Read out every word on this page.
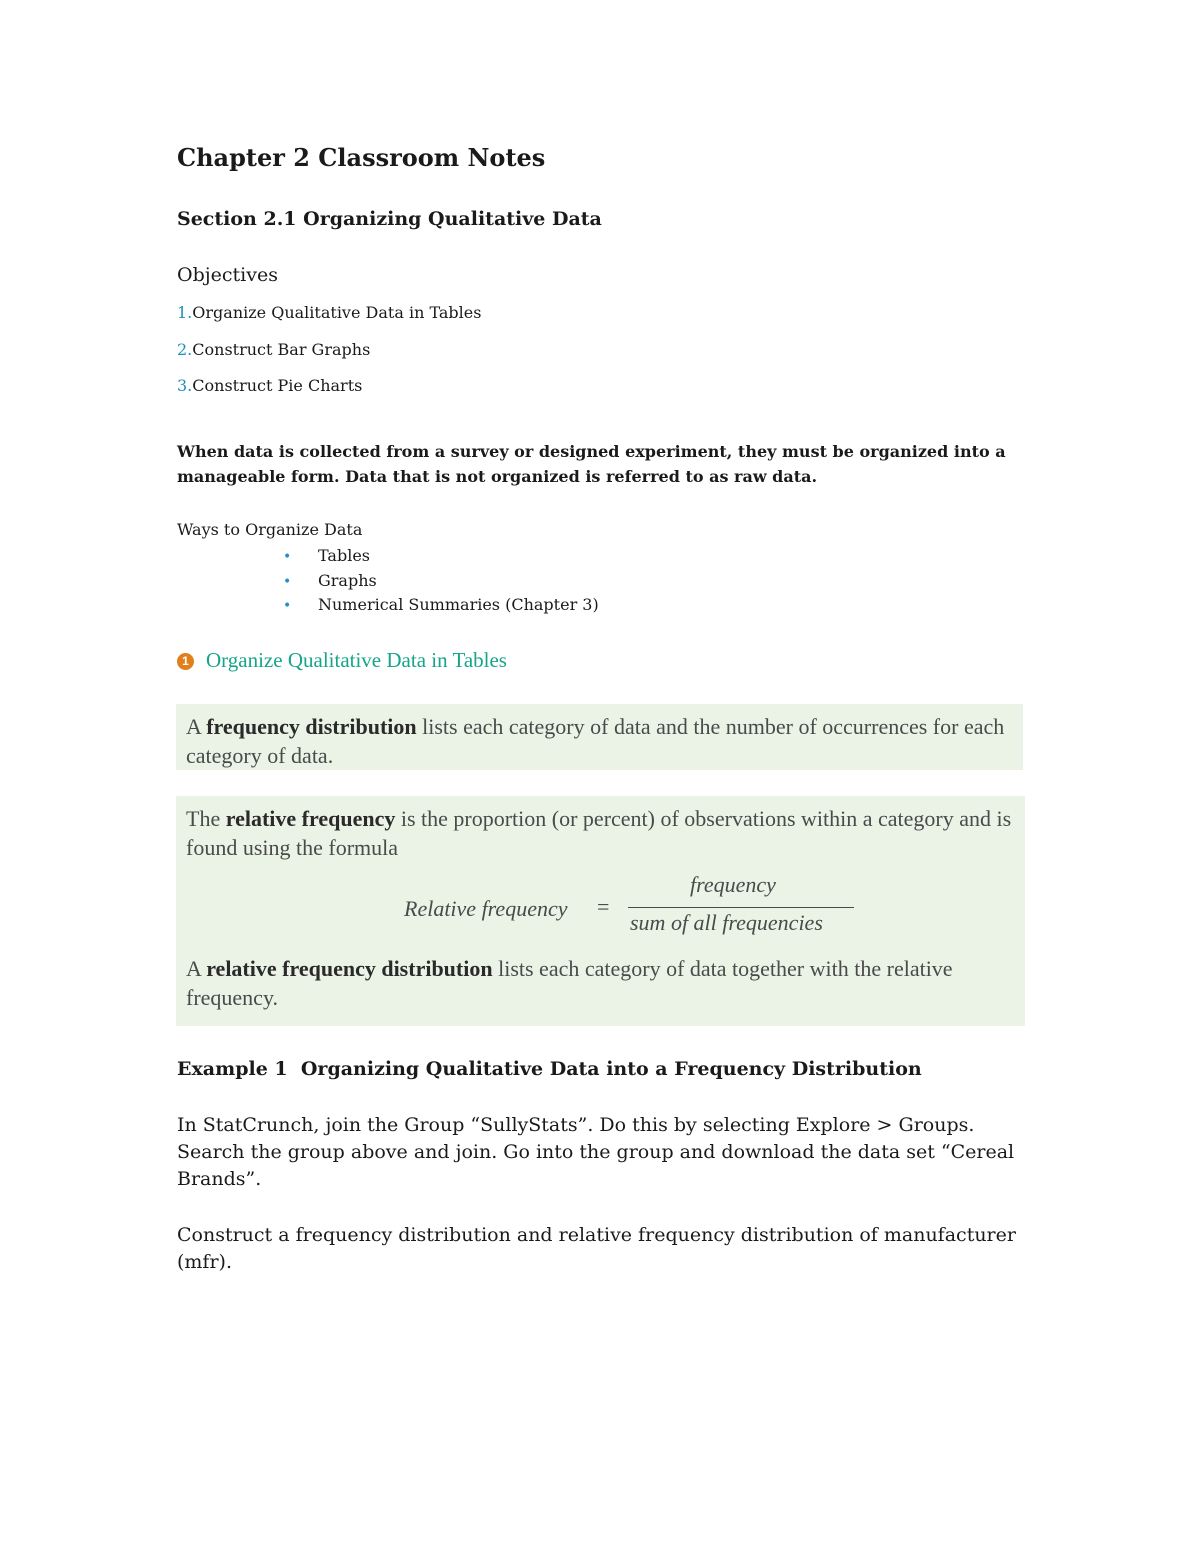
Chapter 2 Classroom Notes
Section 2.1 Organizing Qualitative Data
Objectives
1.Organize Qualitative Data in Tables
2.Construct Bar Graphs
3.Construct Pie Charts

When data is collected from a survey or designed experiment, they must be organized into a manageable form. Data that is not organized is referred to as raw data.

Ways to Organize Data
• Tables
• Graphs
• Numerical Summaries (Chapter 3)
1 Organize Qualitative Data in Tables

A frequency distribution lists each category of data and the number of occurrences for each category of data.

The relative frequency is the proportion (or percent) of observations within a category and is found using the formula

Relative frequency =
frequency
sum of all frequencies

A relative frequency distribution lists each category of data together with the relative frequency.

Example 1  Organizing Qualitative Data into a Frequency Distribution

In StatCrunch, join the Group “SullyStats”. Do this by selecting Explore > Groups. Search the group above and join. Go into the group and download the data set “Cereal Brands”.

Construct a frequency distribution and relative frequency distribution of manufacturer (mfr).
